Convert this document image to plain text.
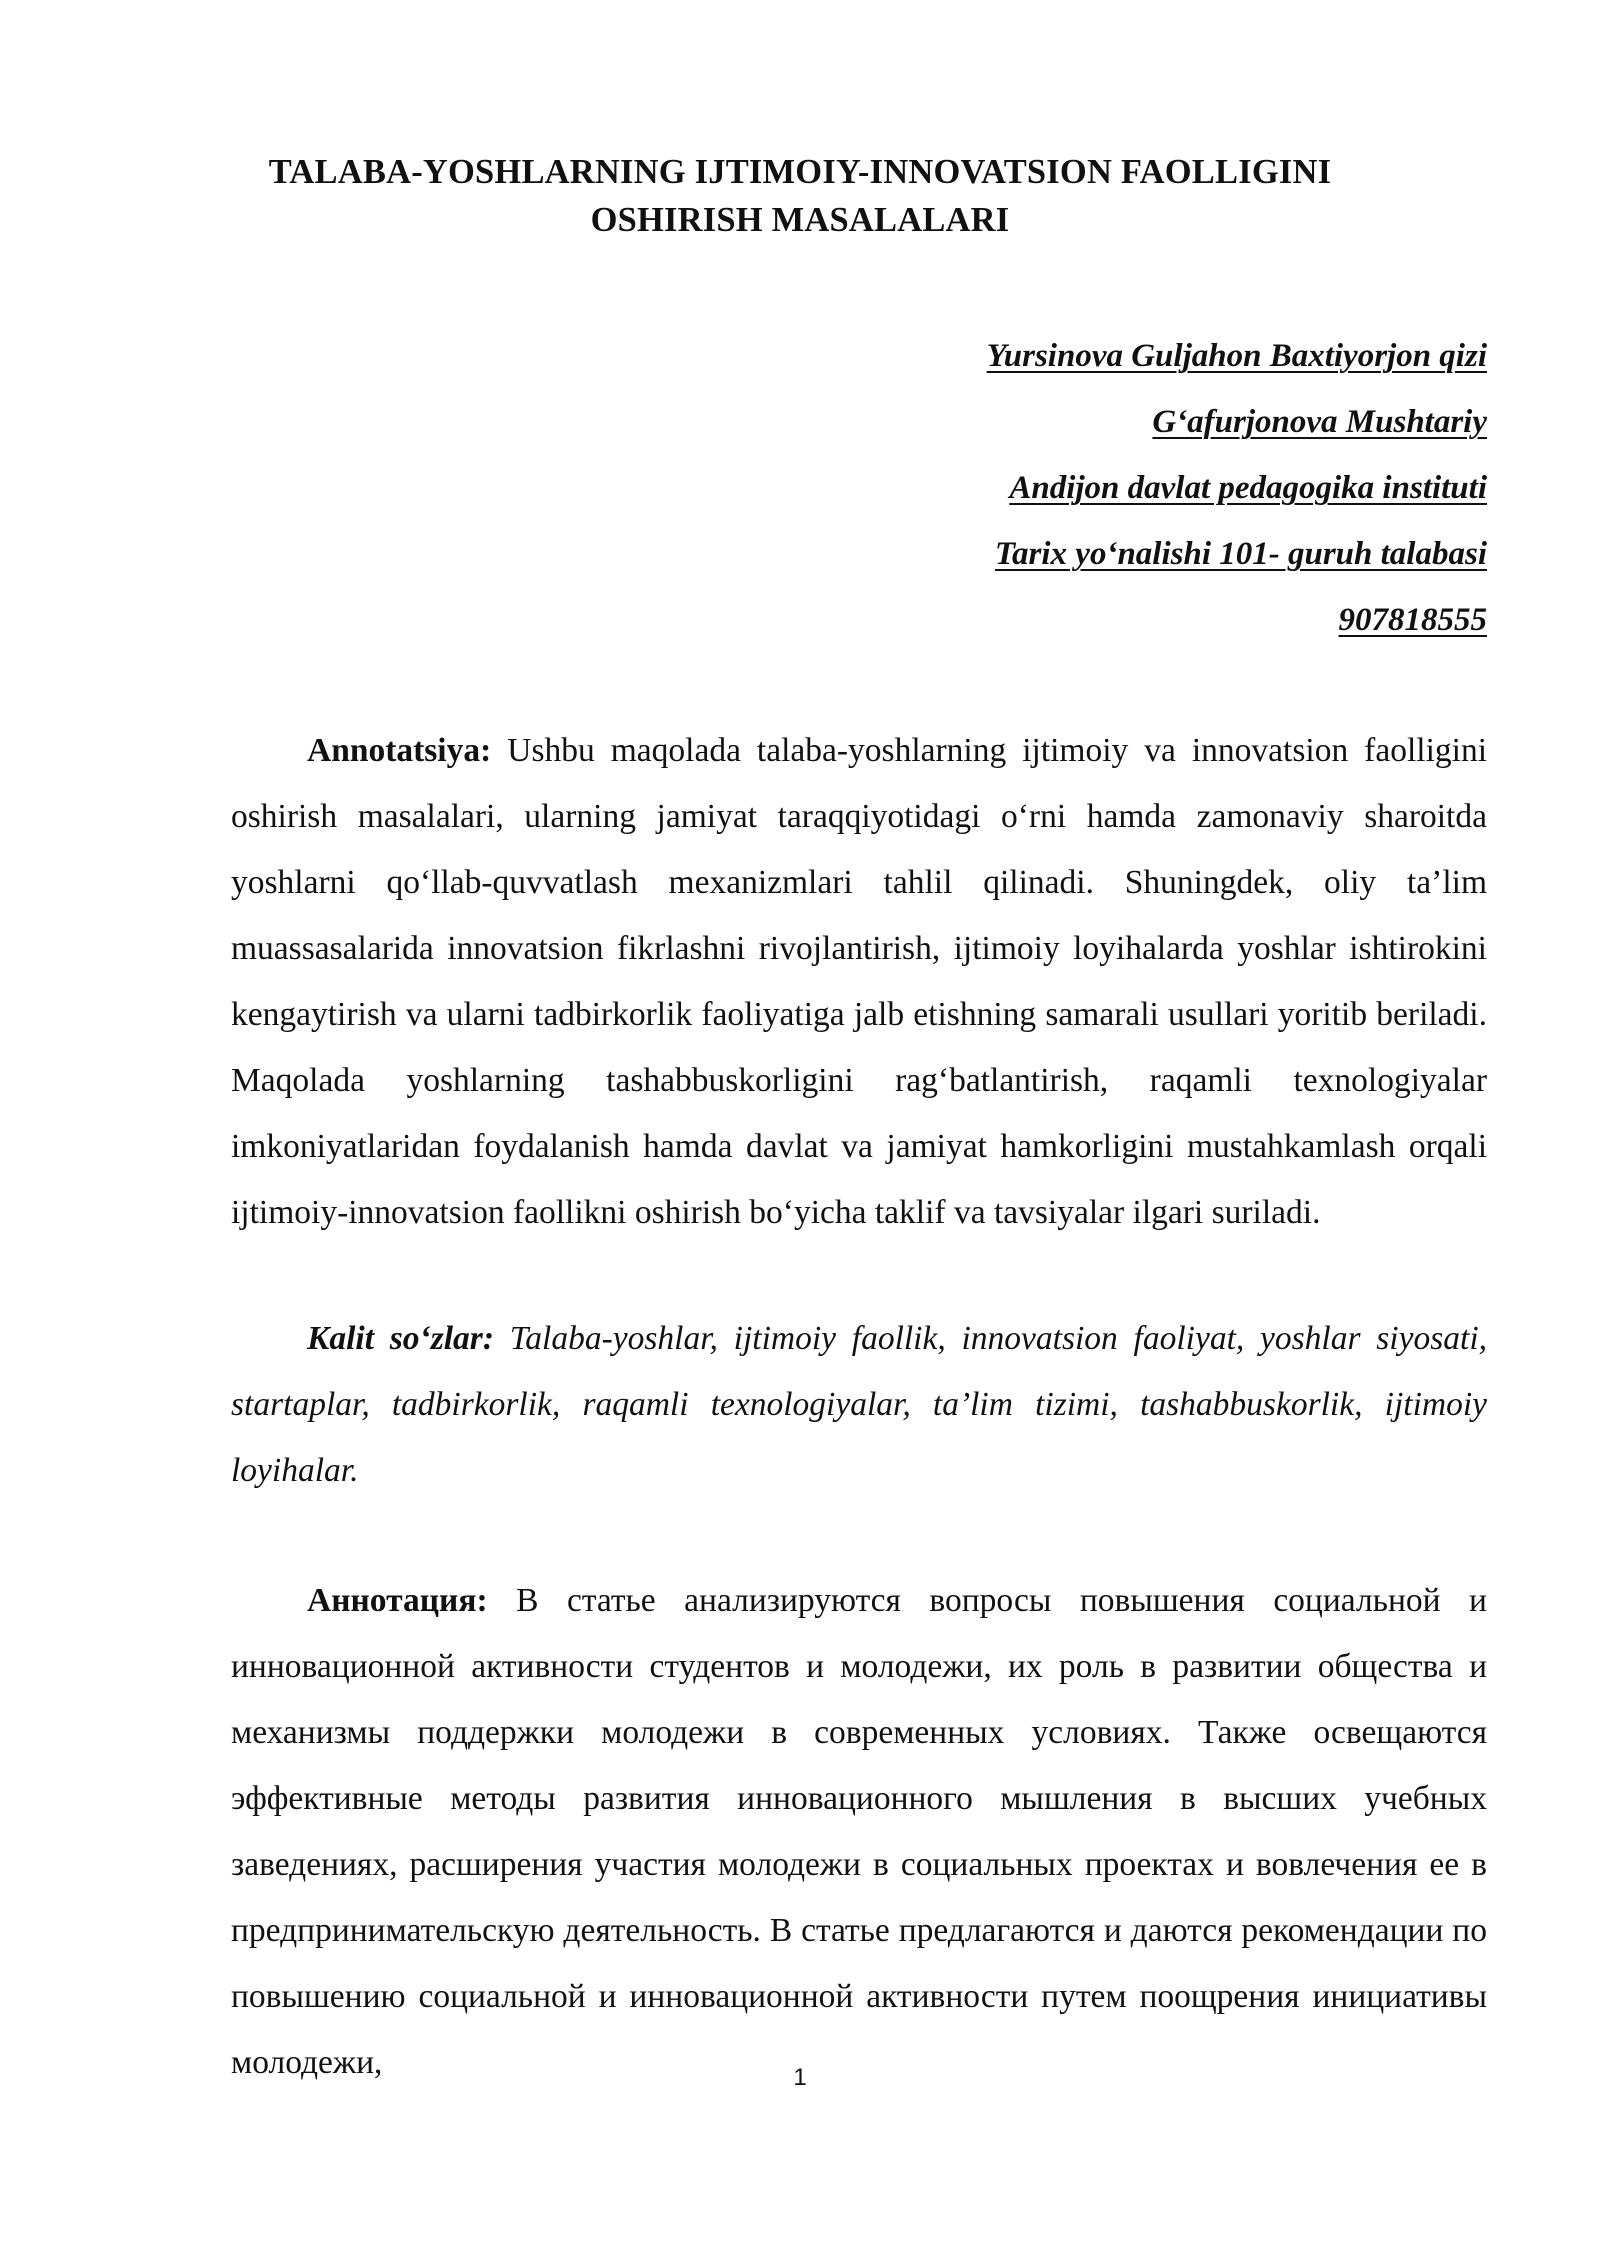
TALABA-YOSHLARNING IJTIMOIY-INNOVATSION FAOLLIGINI
OSHIRISH MASALALARI
Yursinova Guljahon Baxtiyorjon qizi
G‘afurjonova Mushtariy
Andijon davlat pedagogika instituti
Tarix yo‘nalishi 101- guruh talabasi
907818555

Annotatsiya: Ushbu maqolada talaba-yoshlarning ijtimoiy va innovatsion faolligini oshirish masalalari, ularning jamiyat taraqqiyotidagi o‘rni hamda zamonaviy sharoitda yoshlarni qo‘llab-quvvatlash mexanizmlari tahlil qilinadi. Shuningdek, oliy ta’lim muassasalarida innovatsion fikrlashni rivojlantirish, ijtimoiy loyihalarda yoshlar ishtirokini kengaytirish va ularni tadbirkorlik faoliyatiga jalb etishning samarali usullari yoritib beriladi. Maqolada yoshlarning tashabbuskorligini rag‘batlantirish, raqamli texnologiyalar imkoniyatlaridan foydalanish hamda davlat va jamiyat hamkorligini mustahkamlash orqali ijtimoiy-innovatsion faollikni oshirish bo‘yicha taklif va tavsiyalar ilgari suriladi.

Kalit so‘zlar: Talaba-yoshlar, ijtimoiy faollik, innovatsion faoliyat, yoshlar siyosati, startaplar, tadbirkorlik, raqamli texnologiyalar, ta’lim tizimi, tashabbuskorlik, ijtimoiy loyihalar.

Аннотация: В статье анализируются вопросы повышения социальной и инновационной активности студентов и молодежи, их роль в развитии общества и механизмы поддержки молодежи в современных условиях. Также освещаются эффективные методы развития инновационного мышления в высших учебных заведениях, расширения участия молодежи в социальных проектах и вовлечения ее в предпринимательскую деятельность. В статье предлагаются и даются рекомендации по повышению социальной и инновационной активности путем поощрения инициативы молодежи,	1
